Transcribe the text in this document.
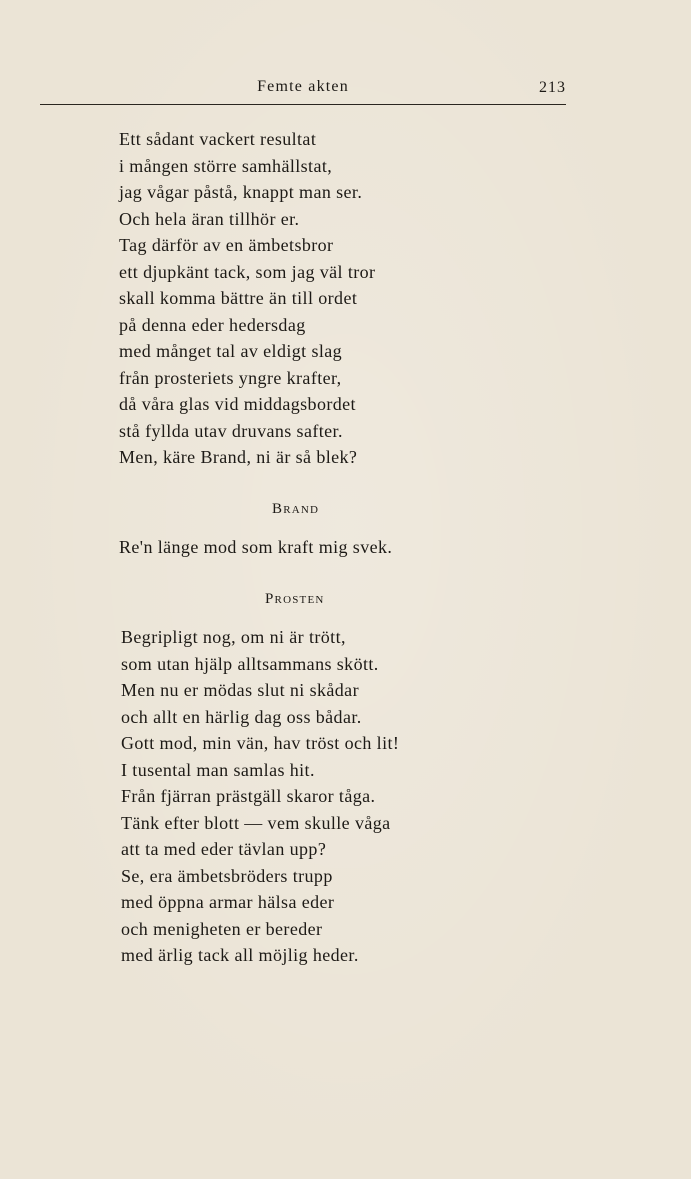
Femte akten	213
Ett sådant vackert resultat
i mången större samhällstat,
jag vågar påstå, knappt man ser.
Och hela äran tillhör er.
Tag därför av en ämbetsbror
ett djupkänt tack, som jag väl tror
skall komma bättre än till ordet
på denna eder hedersdag
med månget tal av eldigt slag
från prosteriets yngre krafter,
då våra glas vid middagsbordet
stå fyllda utav druvans safter.
Men, käre Brand, ni är så blek?
Brand
Re'n länge mod som kraft mig svek.
Prosten
Begripligt nog, om ni är trött,
som utan hjälp alltsammans skött.
Men nu er mödas slut ni skådar
och allt en härlig dag oss bådar.
Gott mod, min vän, hav tröst och lit!
I tusental man samlas hit.
Från fjärran prästgäll skaror tåga.
Tänk efter blott — vem skulle våga
att ta med eder tävlan upp?
Se, era ämbetsbröders trupp
med öppna armar hälsa eder
och menigheten er bereder
med ärlig tack all möjlig heder.
